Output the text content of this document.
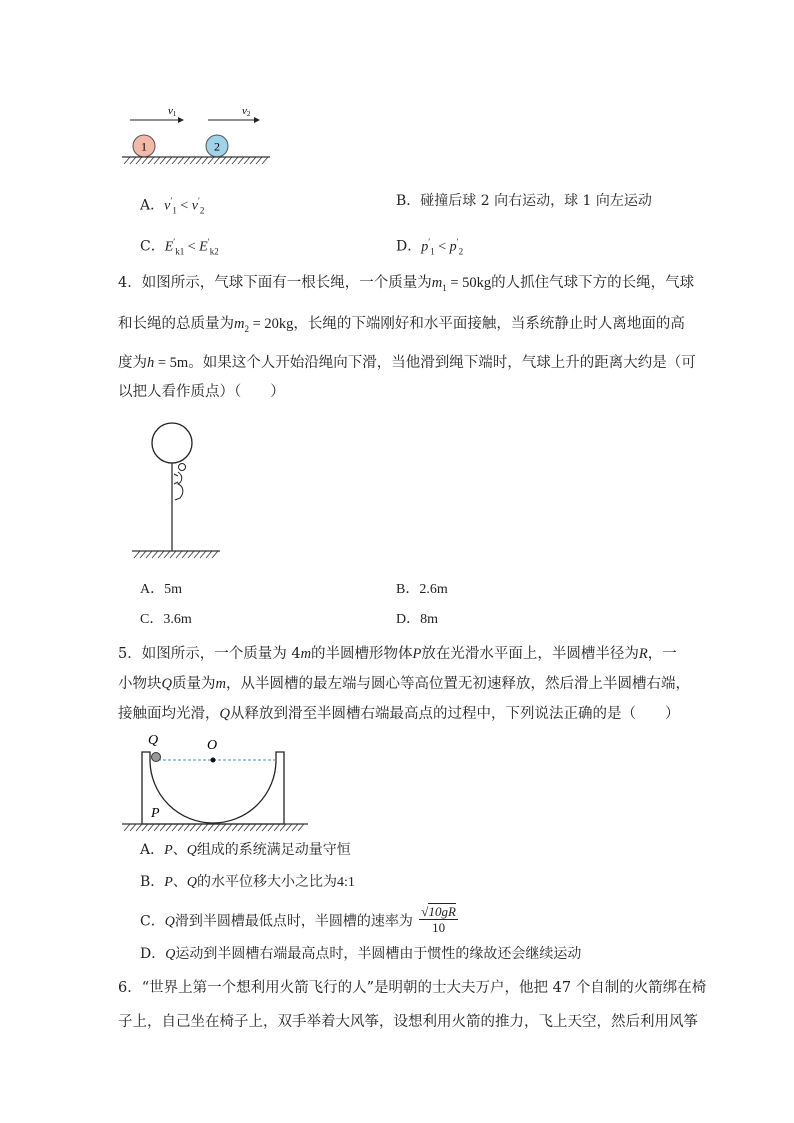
v1	v2
1	2
A．$v'_1 < v'_2$
B．碰撞后球 2 向右运动，球 1 向左运动
C．$E'_{k1} < E'_{k2}$	D．$p'_1 < p'_2$
4．如图所示，气球下面有一根长绳，一个质量为$m_1 = 50kg$的人抓住气球下方的长绳，气球
和长绳的总质量为$m_2 = 20kg$，长绳的下端刚好和水平面接触，当系统静止时人离地面的高
度为h = 5m。如果这个人开始沿绳向下滑，当他滑到绳下端时，气球上升的距离大约是（可
以把人看作质点）（　　）
A．5m	B．2.6m
C．3.6m	D．8m
5．如图所示，一个质量为 4m的半圆槽形物体P放在光滑水平面上，半圆槽半径为R，一
小物块Q质量为m，从半圆槽的最左端与圆心等高位置无初速释放，然后滑上半圆槽右端，
接触面均光滑，Q从释放到滑至半圆槽右端最高点的过程中，下列说法正确的是（　　）
Q	O
P
A．P、Q组成的系统满足动量守恒
B．P、Q的水平位移大小之比为4:1
C．Q滑到半圆槽最低点时，半圆槽的速率为 $\frac{√10gR}{10}$
D．Q运动到半圆槽右端最高点时，半圆槽由于惯性的缘故还会继续运动
6．“世界上第一个想利用火箭飞行的人”是明朝的士大夫万户，他把 47 个自制的火箭绑在椅
子上，自己坐在椅子上，双手举着大风筝，设想利用火箭的推力，飞上天空，然后利用风筝
